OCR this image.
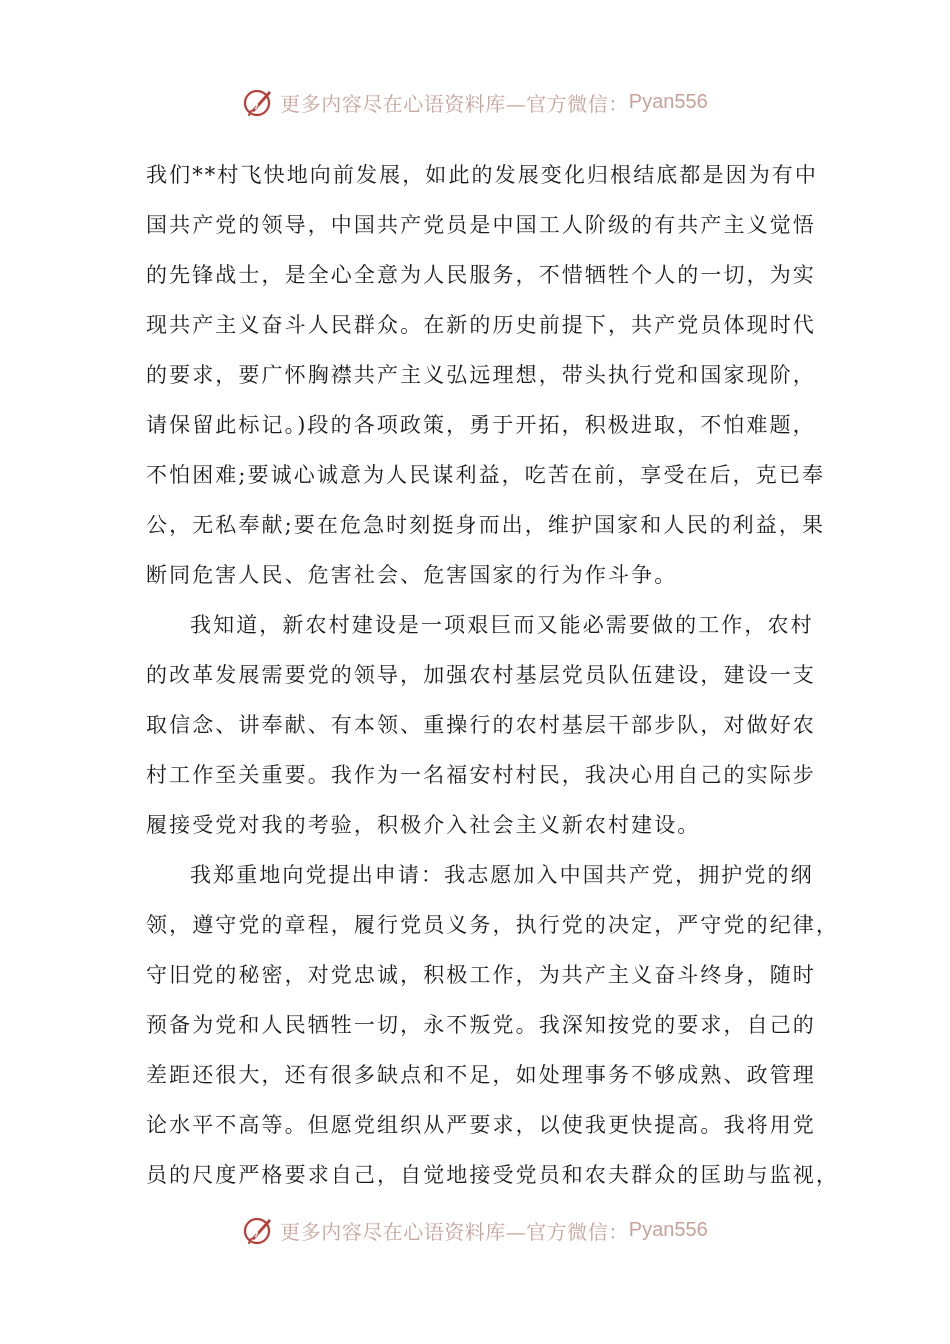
更多内容尽在心语资料库—官方微信： Pyan556
我们**村飞快地向前发展，如此的发展变化归根结底都是因为有中
国共产党的领导，中国共产党员是中国工人阶级的有共产主义觉悟
的先锋战士，是全心全意为人民服务，不惜牺牲个人的一切，为实
现共产主义奋斗人民群众。在新的历史前提下，共产党员体现时代
的要求，要广怀胸襟共产主义弘远理想，带头执行党和国家现阶，
请保留此标记。)段的各项政策，勇于开拓，积极进取，不怕难题，
不怕困难;要诚心诚意为人民谋利益，吃苦在前，享受在后，克已奉
公，无私奉献;要在危急时刻挺身而出，维护国家和人民的利益，果
断同危害人民、危害社会、危害国家的行为作斗争。
我知道，新农村建设是一项艰巨而又能必需要做的工作，农村
的改革发展需要党的领导，加强农村基层党员队伍建设，建设一支
取信念、讲奉献、有本领、重操行的农村基层干部步队，对做好农
村工作至关重要。我作为一名福安村村民，我决心用自己的实际步
履接受党对我的考验，积极介入社会主义新农村建设。
我郑重地向党提出申请：我志愿加入中国共产党，拥护党的纲
领，遵守党的章程，履行党员义务，执行党的决定，严守党的纪律，
守旧党的秘密，对党忠诚，积极工作，为共产主义奋斗终身，随时
预备为党和人民牺牲一切，永不叛党。我深知按党的要求，自己的
差距还很大，还有很多缺点和不足，如处理事务不够成熟、政管理
论水平不高等。但愿党组织从严要求，以使我更快提高。我将用党
员的尺度严格要求自己，自觉地接受党员和农夫群众的匡助与监视，
更多内容尽在心语资料库—官方微信： Pyan556
